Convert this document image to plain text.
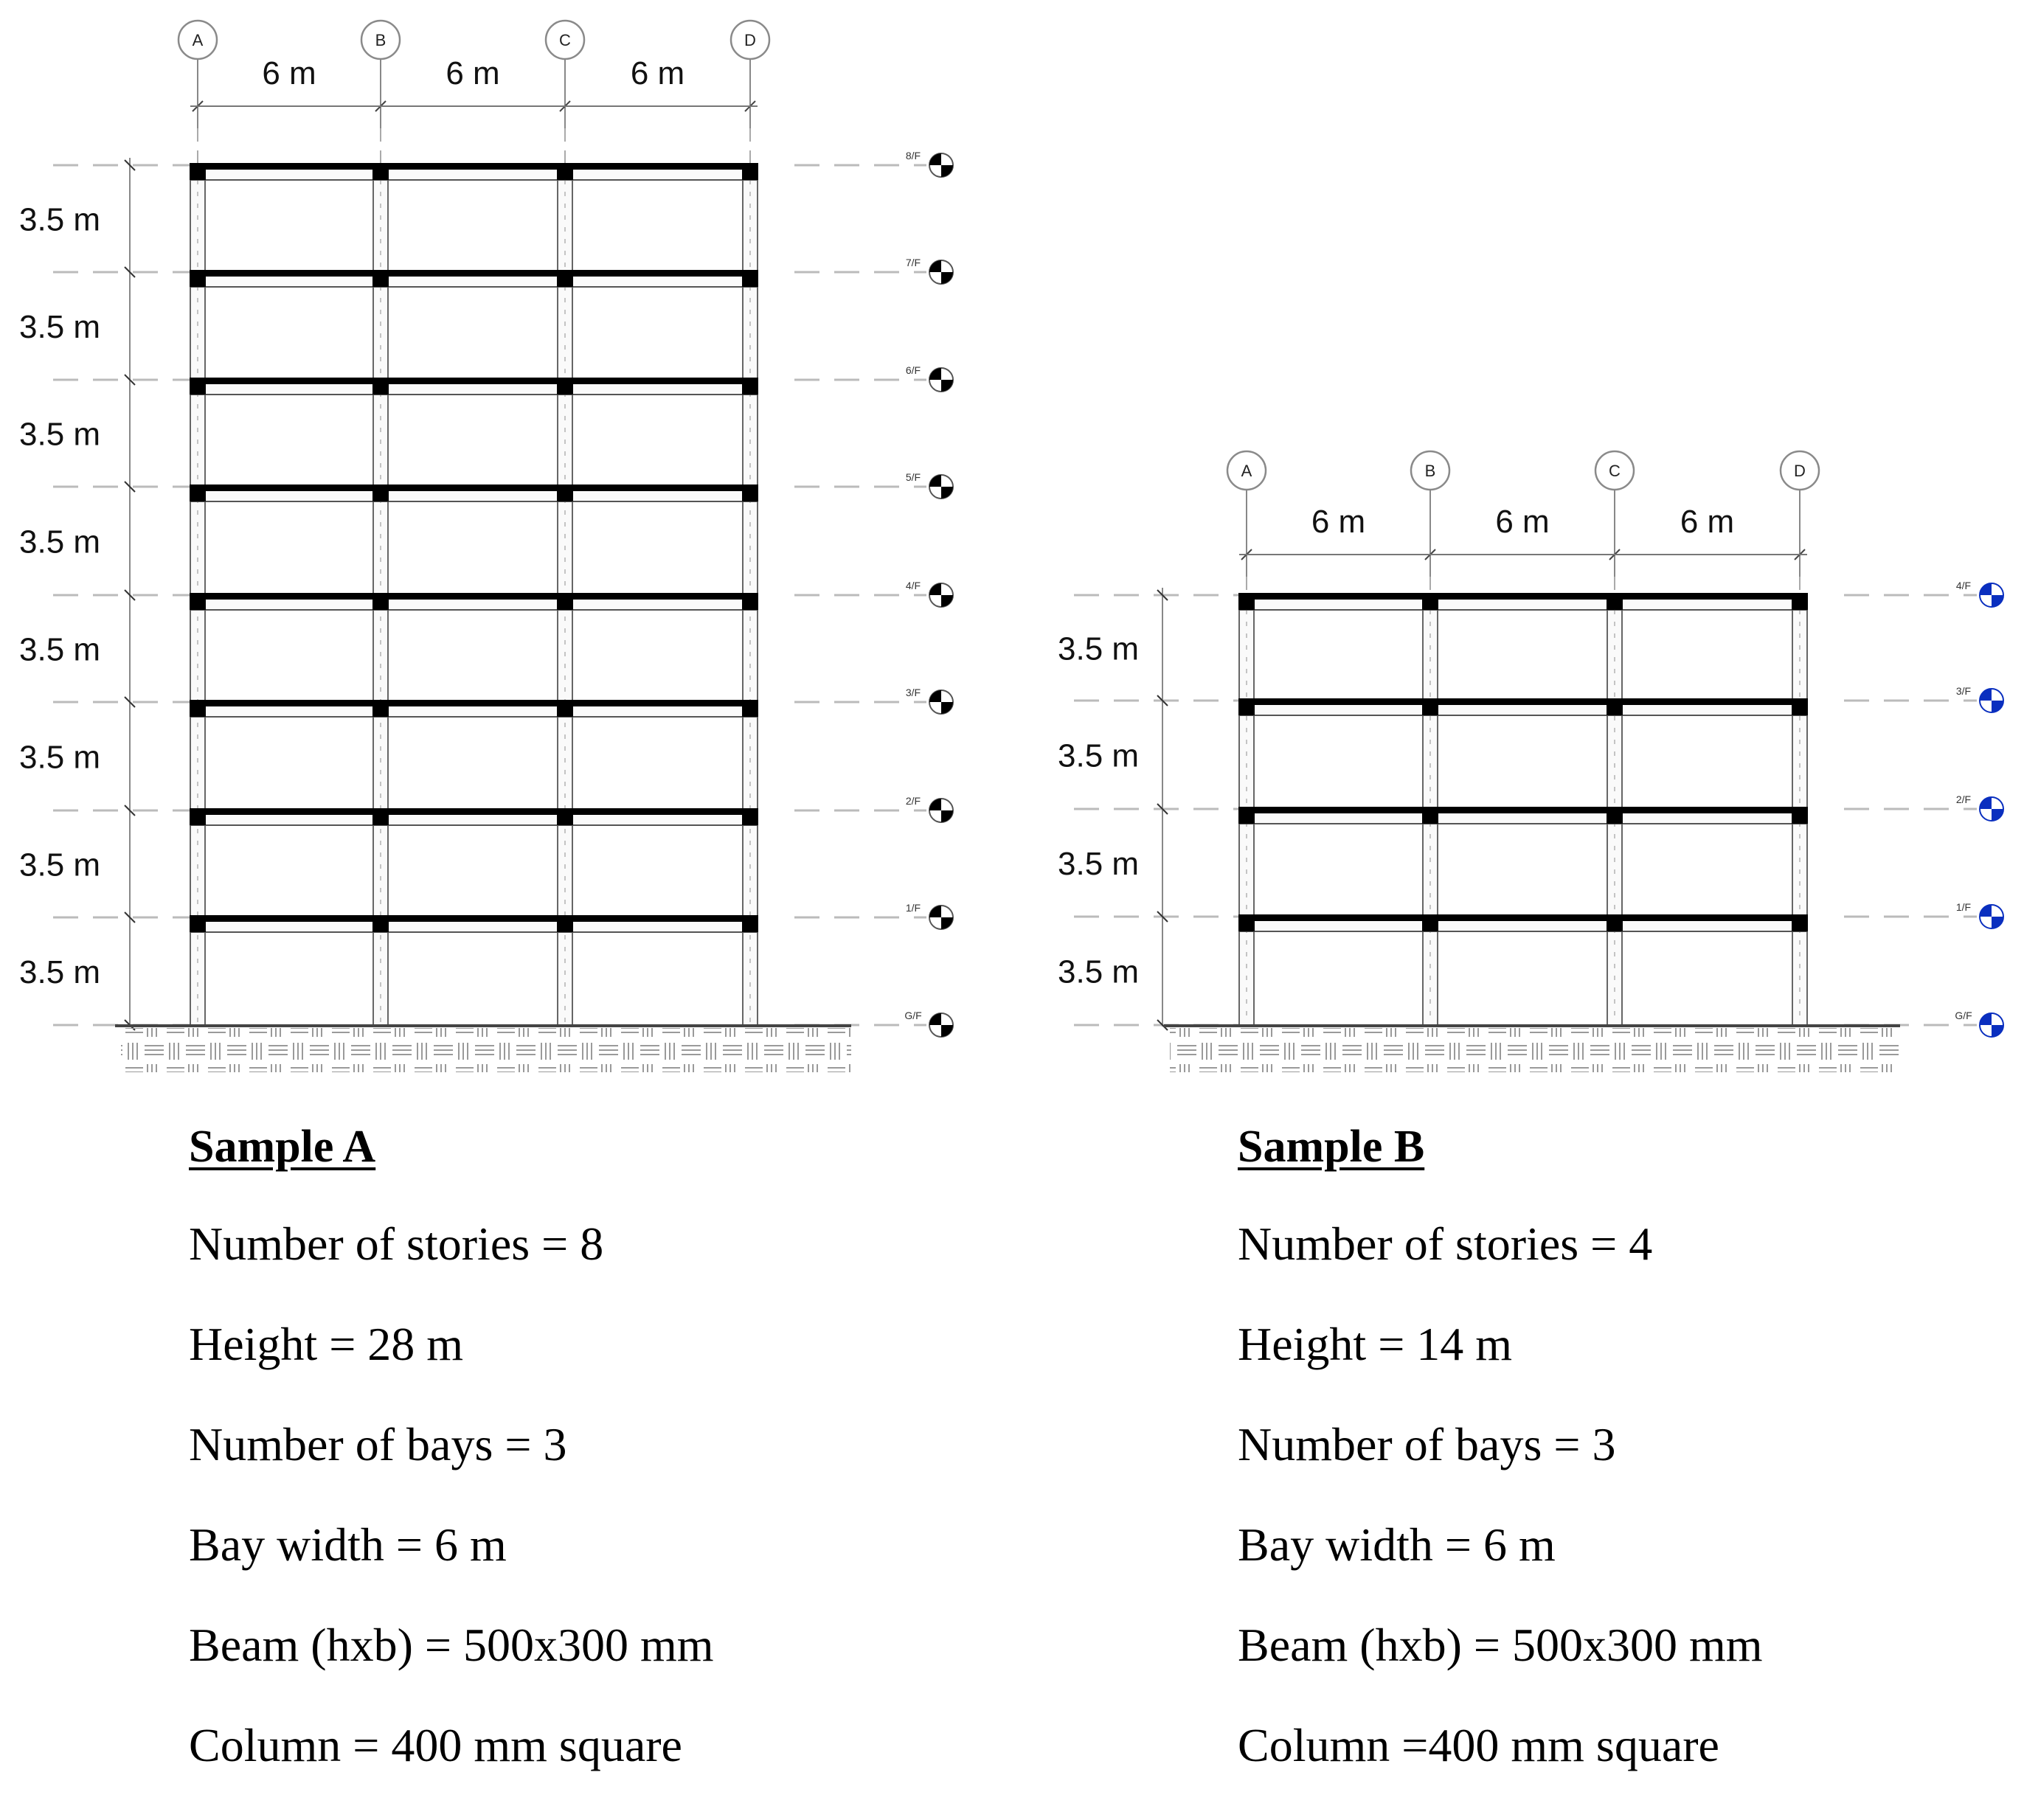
A	B	C	D
6 m	6 m	6 m
8/F
7/F
6/F
5/F
4/F
3/F
2/F
1/F
G/F
3.5 m
3.5 m
3.5 m
3.5 m
3.5 m
3.5 m
3.5 m
3.5 m
A	B	C	D
6 m	6 m	6 m
4/F
3/F
2/F
1/F
G/F
3.5 m
3.5 m
3.5 m
3.5 m
Sample A
Number of stories = 8
Height = 28 m
Number of bays = 3
Bay width = 6 m
Beam (hxb) = 500x300 mm
Column = 400 mm square
Sample B
Number of stories = 4
Height = 14 m
Number of bays = 3
Bay width = 6 m
Beam (hxb) = 500x300 mm
Column =400 mm square
